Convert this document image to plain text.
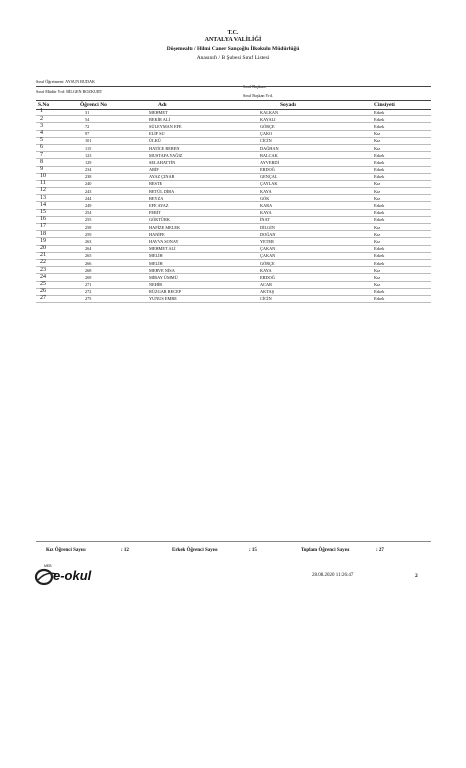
T.C.
ANTALYA VALİLİĞİ
Döşemealtı / Hilmi Caner Sançoğlu İlkokulu Müdürlüğü
Anasınıfı / B Şubesi Sınıf Listesi
Sınıf Öğretmeni: AYSUN BUDAK
Sınıf Müdür Yrd: BİLGEN BOZKURT
Sınıf Başkanı
Sınıf Başkan Yrd.
S.No	Öğrenci No	Adı	Soyadı	Cinsiyeti
1	31	MEHMET	KALKAN	Erkek
2	54	BEKİR ALİ	KAYALI	Erkek
3	72	SÜLEYMAN EFE	GÖRÇE	Erkek
4	97	ELİF SU	ÇAKO	Kız
5	101	ÜLKÜ	CİCİN	Kız
6	115	HATİCE BEREN	DAĞHAN	Kız
7	123	MUSTAFA YAĞIZ	BALCAK	Erkek
8	129	SELAHATTİN	AYVERDİ	Erkek
9	234	ARİF	ERDOĞ	Erkek
10	238	AYAZ ÇINAR	GENÇAL	Erkek
11	240	BESTE	ÇAYLAK	Kız
12	243	BETÜL DİBA	KAYA	Kız
13	244	BEYZA	GÖK	Kız
14	249	EFE AYAZ	KARA	Erkek
15	254	FERİT	KAYA	Erkek
16	255	GÖKTÜRK	İNAT	Erkek
17	258	HAFİZE MELEK	DİLGİN	Kız
18	259	HANİFE	DOĞAN	Kız
19	263	HAVVA SONAY	YETER	Kız
20	264	MEHMET ALİ	ÇAKAN	Erkek
21	265	MELİH	ÇAKAN	Erkek
22	266	MELİH	GÖRÇE	Erkek
23	268	MERVE NİSA	KAYA	Kız
24	269	MİRAY ÜMMÜ	ERDOĞ	Kız
25	271	NEHİR	ACAR	Kız
26	272	RÜZGAR RECEP	AKTAŞ	Erkek
27	275	YUNUS EMRE	CİCİN	Erkek
Kız Öğrenci Sayısı	: 12	Erkek Öğrenci Sayısı	: 15	Toplam Öğrenci Sayısı	: 27
MEB
e-okul	28.08.2020 11:26:47	2
